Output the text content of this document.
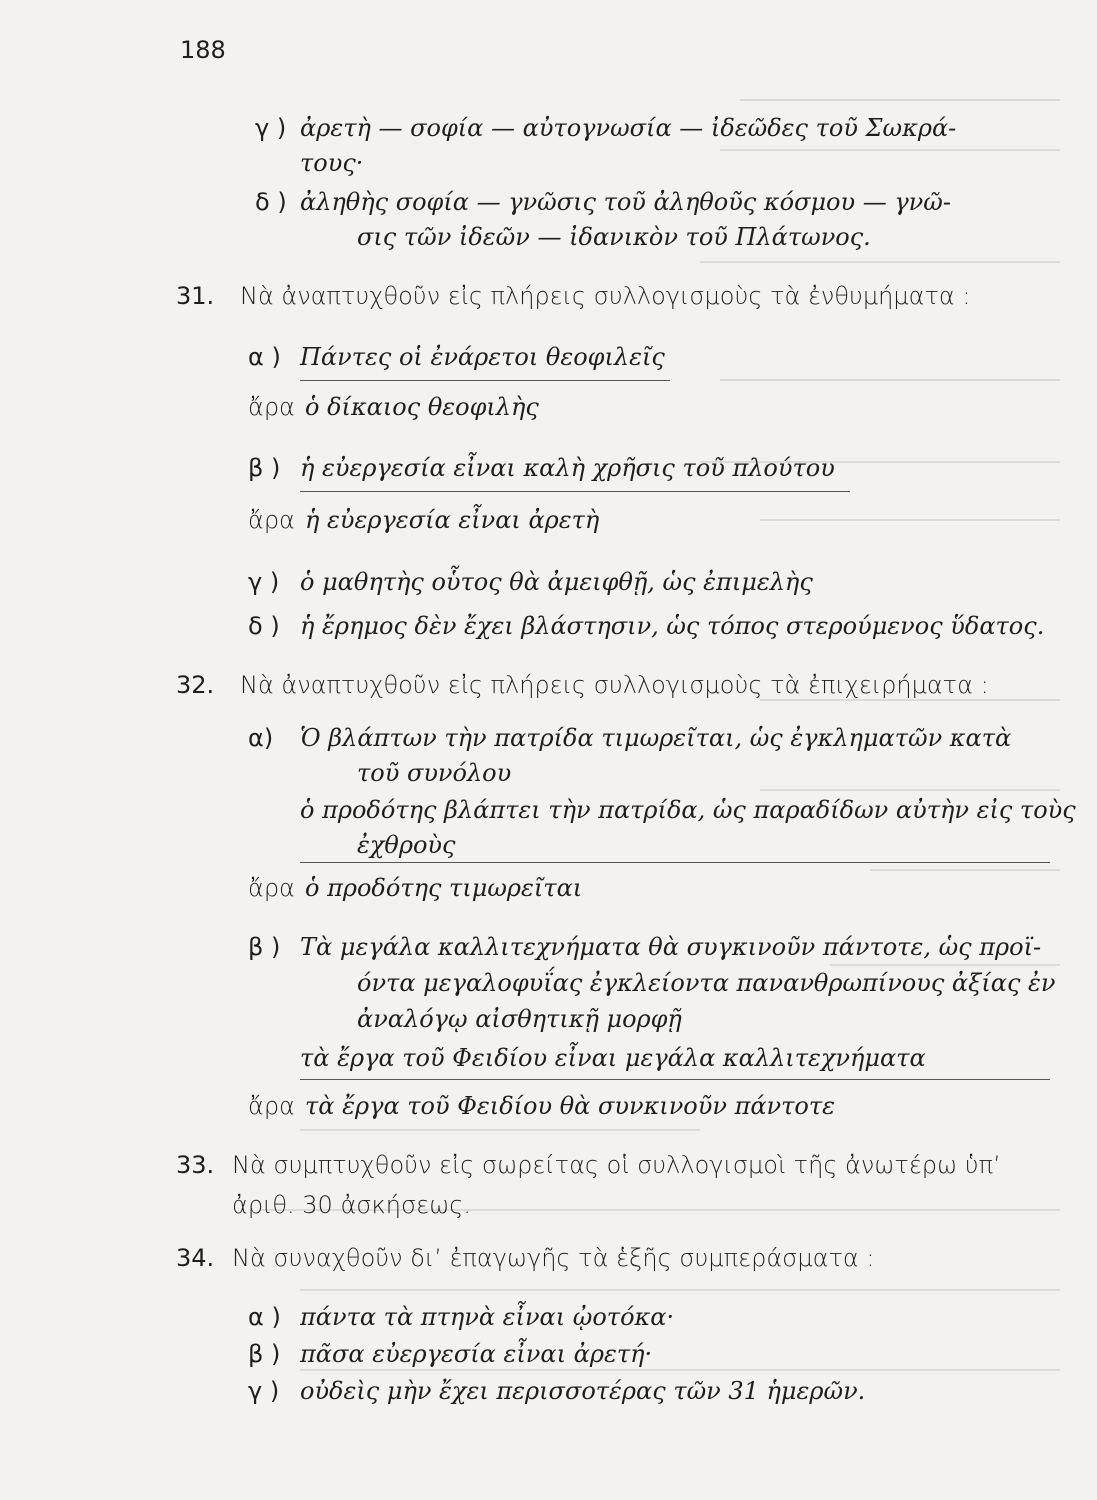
188
γ ) ἀρετὴ — σοφία — αὐτογνωσία — ἰδεῶδες τοῦ Σωκρά-
τους·
δ ) ἀληθὴς σοφία — γνῶσις τοῦ ἀληθοῦς κόσμου — γνῶ-
σις τῶν ἰδεῶν — ἰδανικὸν τοῦ Πλάτωνος.
31. Νὰ ἀναπτυχθοῦν εἰς πλήρεις συλλογισμοὺς τὰ ἐνθυμήματα :
α ) Πάντες οἱ ἐνάρετοι θεοφιλεῖς
ἄρα ὁ δίκαιος θεοφιλὴς
β ) ἡ εὐεργεσία εἶναι καλὴ χρῆσις τοῦ πλούτου
ἄρα ἡ εὐεργεσία εἶναι ἀρετὴ
γ ) ὁ μαθητὴς οὗτος θὰ ἀμειφθῇ, ὡς ἐπιμελὴς
δ ) ἡ ἔρημος δὲν ἔχει βλάστησιν, ὡς τόπος στερούμενος ὕδατος.
32. Νὰ ἀναπτυχθοῦν εἰς πλήρεις συλλογισμοὺς τὰ ἐπιχειρήματα :
α) Ὁ βλάπτων τὴν πατρίδα τιμωρεῖται, ὡς ἐγκληματῶν κατὰ
τοῦ συνόλου
ὁ προδότης βλάπτει τὴν πατρίδα, ὡς παραδίδων αὐτὴν εἰς τοὺς
ἐχθροὺς
ἄρα ὁ προδότης τιμωρεῖται
β ) Τὰ μεγάλα καλλιτεχνήματα θὰ συγκινοῦν πάντοτε, ὡς προϊ-
όντα μεγαλοφυΐας ἐγκλείοντα πανανθρωπίνους ἀξίας ἐν
ἀναλόγῳ αἰσθητικῇ μορφῇ
τὰ ἔργα τοῦ Φειδίου εἶναι μεγάλα καλλιτεχνήματα
ἄρα τὰ ἔργα τοῦ Φειδίου θὰ συνκινοῦν πάντοτε
33. Νὰ συμπτυχθοῦν εἰς σωρείτας οἱ συλλογισμοὶ τῆς ἀνωτέρω ὑπ’
ἀριθ. 30 ἀσκήσεως.
34. Νὰ συναχθοῦν διʼ ἐπαγωγῆς τὰ ἑξῆς συμπεράσματα :
α ) πάντα τὰ πτηνὰ εἶναι ᾠοτόκα·
β ) πᾶσα εὐεργεσία εἶναι ἀρετή·
γ ) οὐδεὶς μὴν ἔχει περισσοτέρας τῶν 31 ἡμερῶν.
